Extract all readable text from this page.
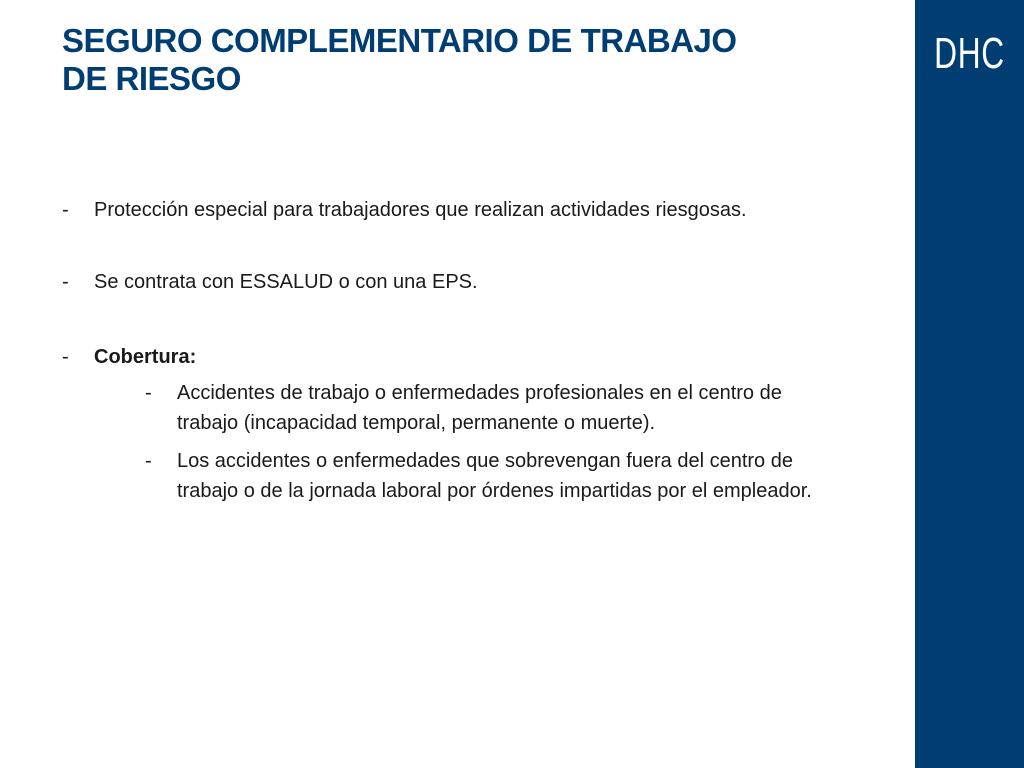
SEGURO COMPLEMENTARIO DE TRABAJO
DE RIESGO
-	Protección especial para trabajadores que realizan actividades riesgosas.
-	Se contrata con ESSALUD o con una EPS.
-	Cobertura:
-	Accidentes de trabajo o enfermedades profesionales en el centro de trabajo (incapacidad temporal, permanente o muerte).
-	Los accidentes o enfermedades que sobrevengan fuera del centro de trabajo o de la jornada laboral por órdenes impartidas por el empleador.
DHC
